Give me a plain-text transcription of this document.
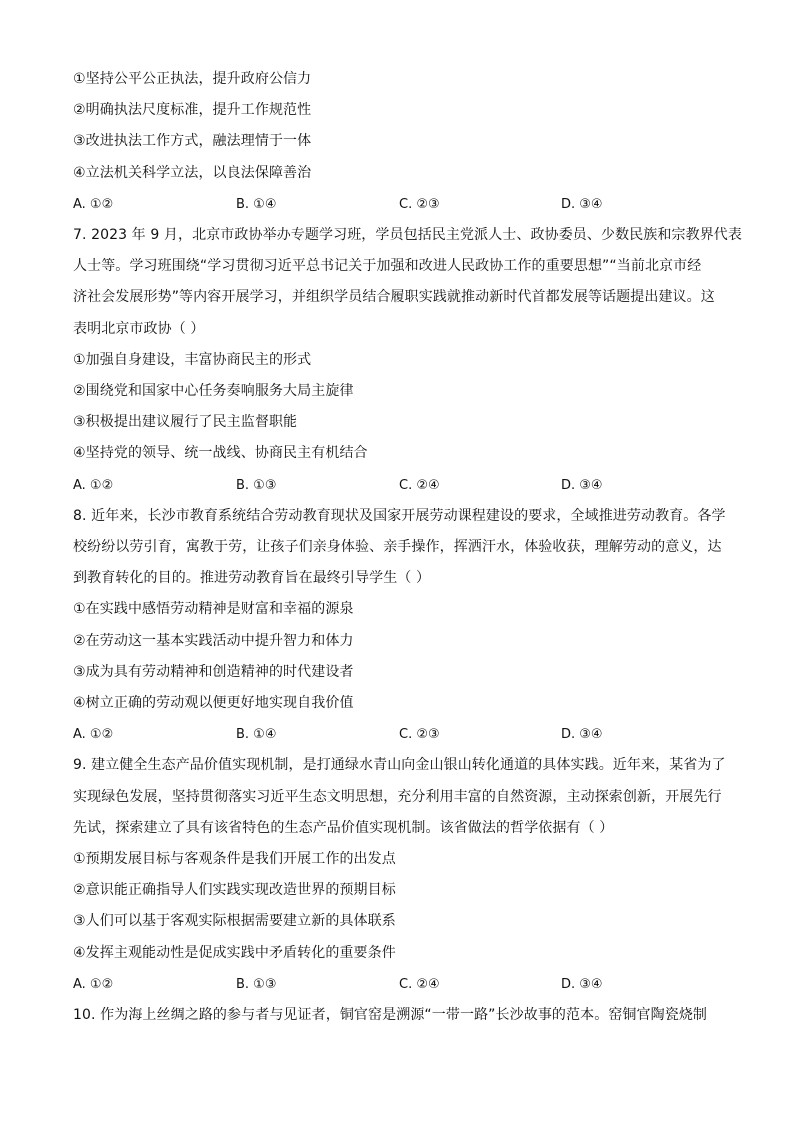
①坚持公平公正执法，提升政府公信力
②明确执法尺度标准，提升工作规范性
③改进执法工作方式，融法理情于一体
④立法机关科学立法，以良法保障善治
A. ①②	B. ①④	C. ②③	D. ③④
7. 2023 年 9 月，北京市政协举办专题学习班，学员包括民主党派人士、政协委员、少数民族和宗教界代表
人士等。学习班围绕“学习贯彻习近平总书记关于加强和改进人民政协工作的重要思想”“当前北京市经
济社会发展形势”等内容开展学习，并组织学员结合履职实践就推动新时代首都发展等话题提出建议。这
表明北京市政协（ ）
①加强自身建设，丰富协商民主的形式
②围绕党和国家中心任务奏响服务大局主旋律
③积极提出建议履行了民主监督职能
④坚持党的领导、统一战线、协商民主有机结合
A. ①②	B. ①③	C. ②④	D. ③④
8. 近年来，长沙市教育系统结合劳动教育现状及国家开展劳动课程建设的要求，全域推进劳动教育。各学
校纷纷以劳引育，寓教于劳，让孩子们亲身体验、亲手操作，挥洒汗水，体验收获，理解劳动的意义，达
到教育转化的目的。推进劳动教育旨在最终引导学生（ ）
①在实践中感悟劳动精神是财富和幸福的源泉
②在劳动这一基本实践活动中提升智力和体力
③成为具有劳动精神和创造精神的时代建设者
④树立正确的劳动观以便更好地实现自我价值
A. ①②	B. ①④	C. ②③	D. ③④
9. 建立健全生态产品价值实现机制，是打通绿水青山向金山银山转化通道的具体实践。近年来，某省为了
实现绿色发展，坚持贯彻落实习近平生态文明思想，充分利用丰富的自然资源，主动探索创新，开展先行
先试，探索建立了具有该省特色的生态产品价值实现机制。该省做法的哲学依据有（ ）
①预期发展目标与客观条件是我们开展工作的出发点
②意识能正确指导人们实践实现改造世界的预期目标
③人们可以基于客观实际根据需要建立新的具体联系
④发挥主观能动性是促成实践中矛盾转化的重要条件
A. ①②	B. ①③	C. ②④	D. ③④
10. 作为海上丝绸之路的参与者与见证者，铜官窑是溯源“一带一路”长沙故事的范本。窑铜官陶瓷烧制
